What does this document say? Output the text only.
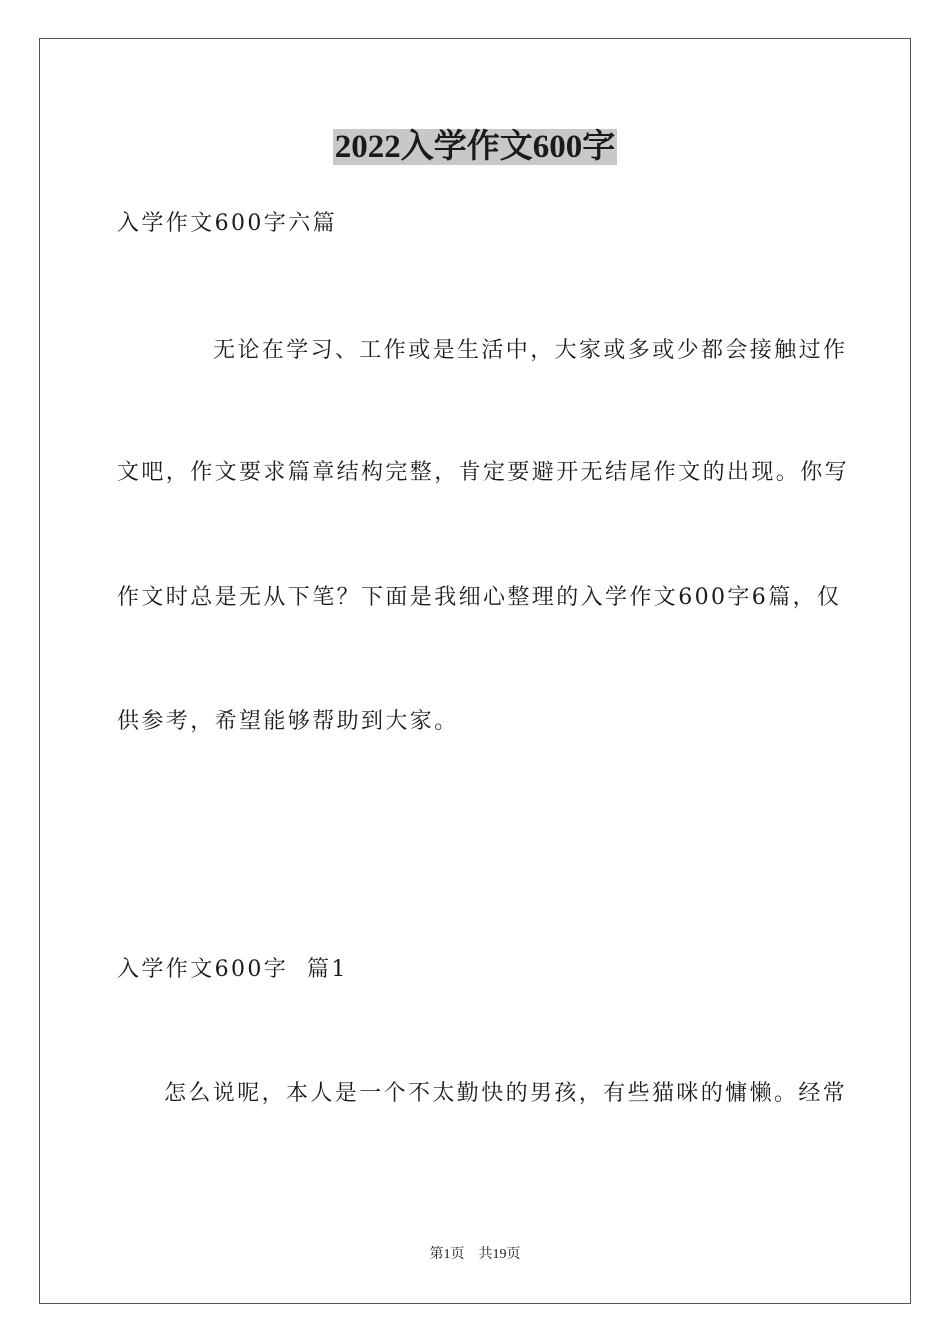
2022入学作文600字
入学作文600字六篇
无论在学习、工作或是生活中，大家或多或少都会接触过作
文吧，作文要求篇章结构完整，肯定要避开无结尾作文的出现。你写
作文时总是无从下笔？下面是我细心整理的入学作文600字6篇，仅
供参考，希望能够帮助到大家。
入学作文600字  篇1
怎么说呢，本人是一个不太勤快的男孩，有些猫咪的慵懒。经常
第1页 共19页
